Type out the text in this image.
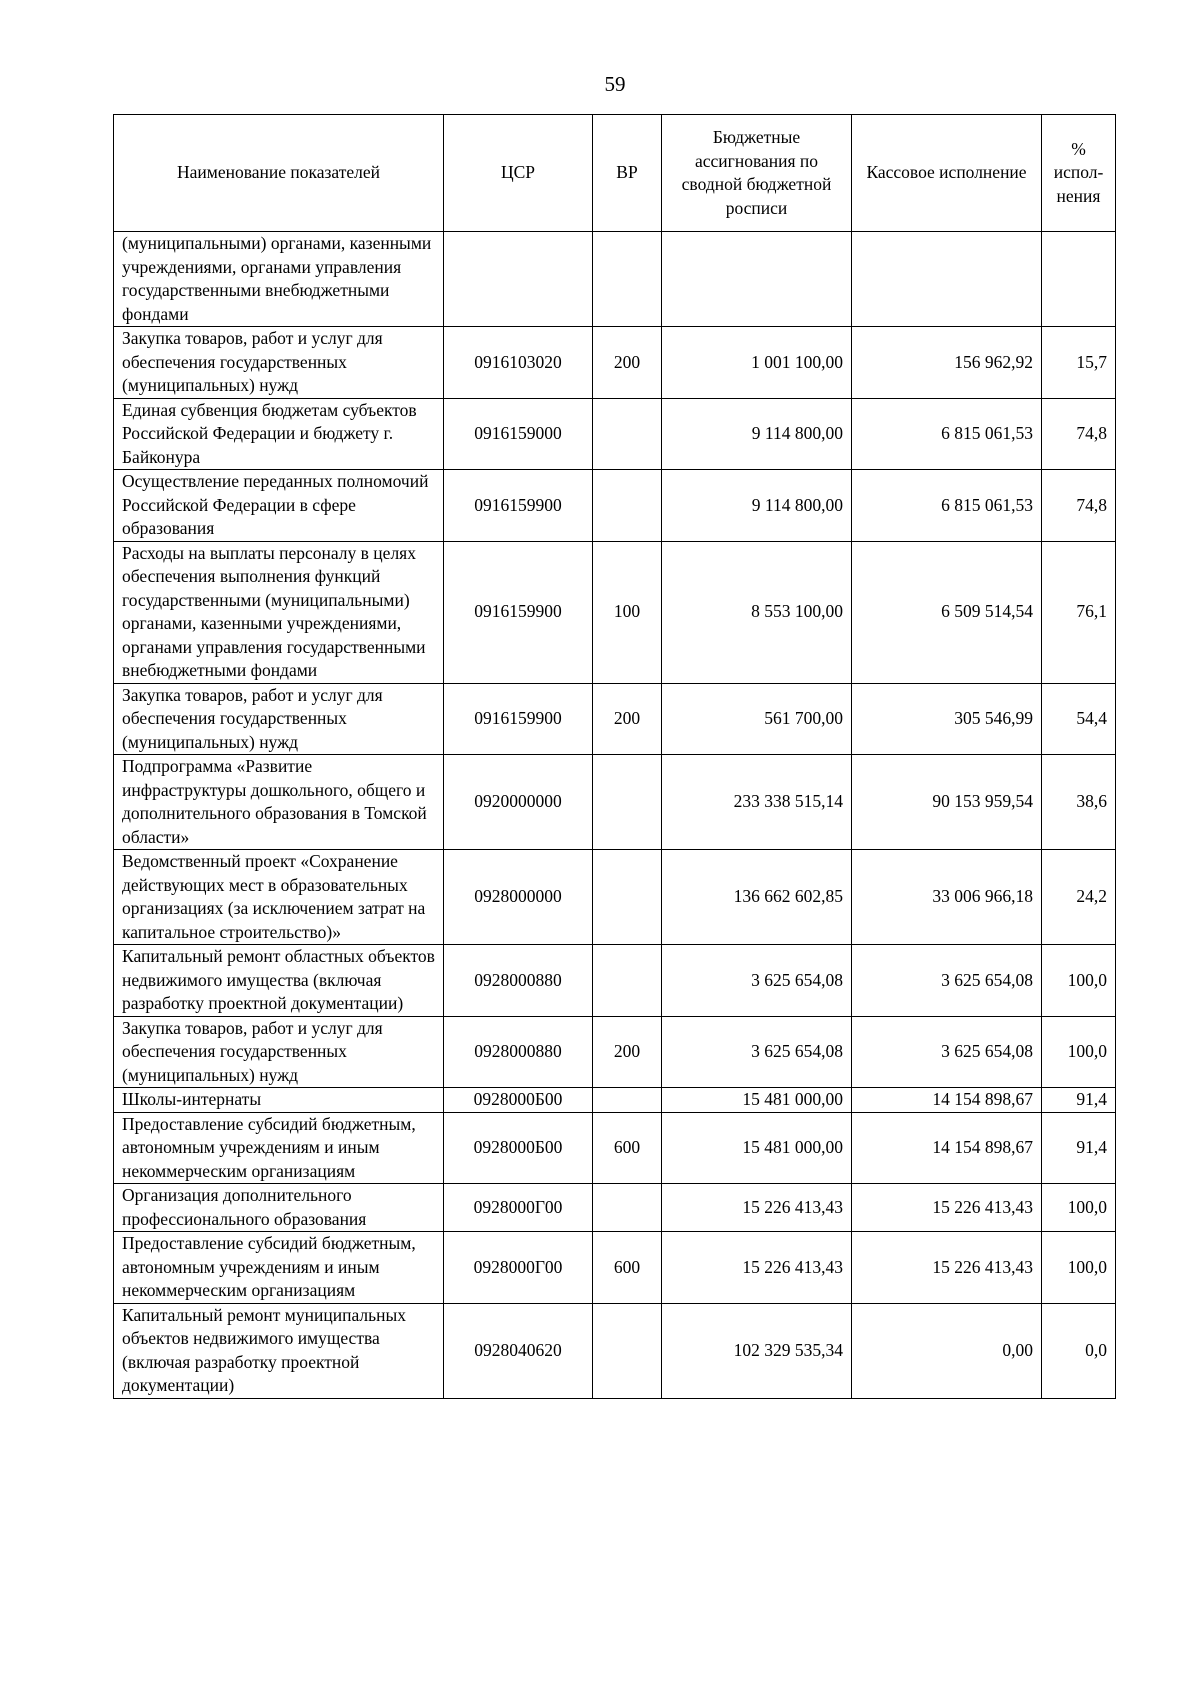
59
Наименование показателей	ЦСР	ВР	Бюджетные ассигнования по сводной бюджетной росписи	Кассовое исполнение	% испол-нения
(муниципальными) органами, казенными учреждениями, органами управления государственными внебюджетными фондами					
Закупка товаров, работ и услуг для обеспечения государственных (муниципальных) нужд	0916103020	200	1 001 100,00	156 962,92	15,7
Единая субвенция бюджетам субъектов Российской Федерации и бюджету г. Байконура	0916159000		9 114 800,00	6 815 061,53	74,8
Осуществление переданных полномочий Российской Федерации в сфере образования	0916159900		9 114 800,00	6 815 061,53	74,8
Расходы на выплаты персоналу в целях обеспечения выполнения функций государственными (муниципальными) органами, казенными учреждениями, органами управления государственными внебюджетными фондами	0916159900	100	8 553 100,00	6 509 514,54	76,1
Закупка товаров, работ и услуг для обеспечения государственных (муниципальных) нужд	0916159900	200	561 700,00	305 546,99	54,4
Подпрограмма «Развитие инфраструктуры дошкольного, общего и дополнительного образования в Томской области»	0920000000		233 338 515,14	90 153 959,54	38,6
Ведомственный проект «Сохранение действующих мест в образовательных организациях (за исключением затрат на капитальное строительство)»	0928000000		136 662 602,85	33 006 966,18	24,2
Капитальный ремонт областных объектов недвижимого имущества (включая разработку проектной документации)	0928000880		3 625 654,08	3 625 654,08	100,0
Закупка товаров, работ и услуг для обеспечения государственных (муниципальных) нужд	0928000880	200	3 625 654,08	3 625 654,08	100,0
Школы-интернаты	0928000Б00		15 481 000,00	14 154 898,67	91,4
Предоставление субсидий бюджетным, автономным учреждениям и иным некоммерческим организациям	0928000Б00	600	15 481 000,00	14 154 898,67	91,4
Организация дополнительного профессионального образования	0928000Г00		15 226 413,43	15 226 413,43	100,0
Предоставление субсидий бюджетным, автономным учреждениям и иным некоммерческим организациям	0928000Г00	600	15 226 413,43	15 226 413,43	100,0
Капитальный ремонт муниципальных объектов недвижимого имущества (включая разработку проектной документации)	0928040620		102 329 535,34	0,00	0,0
